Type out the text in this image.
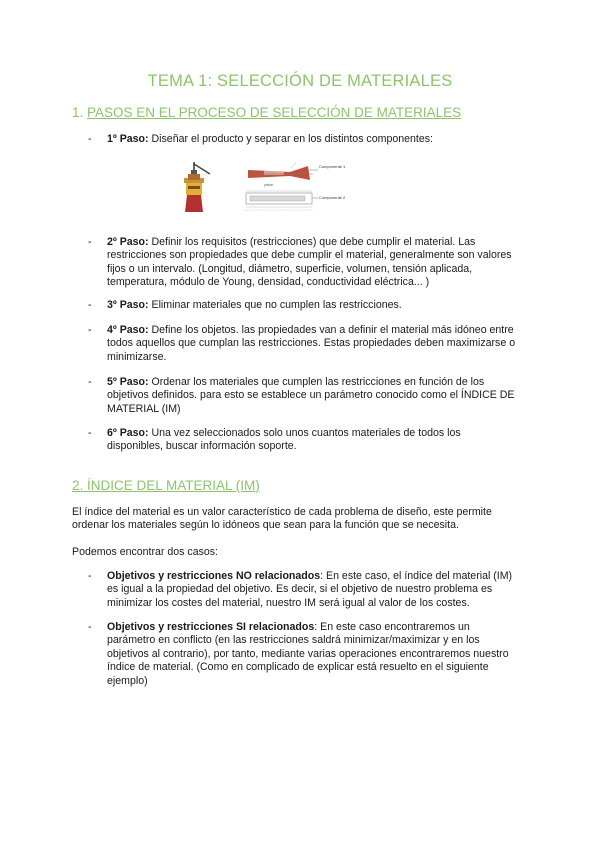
TEMA 1: SELECCIÓN DE MATERIALES
1. PASOS EN EL PROCESO DE SELECCIÓN DE MATERIALES
- 1º Paso: Diseñar el producto y separar en los distintos componentes:
piston
Componente 1
Componente 2
- 2º Paso: Definir los requisitos (restricciones) que debe cumplir el material. Las restricciones son propiedades que debe cumplir el material, generalmente son valores fijos o un intervalo. (Longitud, diámetro, superficie, volumen, tensión aplicada, temperatura, módulo de Young, densidad, conductividad eléctrica... )
- 3º Paso: Eliminar materiales que no cumplen las restricciones.
- 4º Paso: Define los objetos. las propiedades van a definir el material más idóneo entre todos aquellos que cumplan las restricciones. Estas propiedades deben maximizarse o minimizarse.
- 5º Paso: Ordenar los materiales que cumplen las restricciones en función de los objetivos definidos. para esto se establece un parámetro conocido como el ÍNDICE DE MATERIAL (IM)
- 6º Paso: Una vez seleccionados solo unos cuantos materiales de todos los disponibles, buscar información soporte.
2. ÍNDICE DEL MATERIAL (IM)
El índice del material es un valor característico de cada problema de diseño, este permite ordenar los materiales según lo idóneos que sean para la función que se necesita.
Podemos encontrar dos casos:
- Objetivos y restricciones NO relacionados: En este caso, el índice del material (IM) es igual a la propiedad del objetivo. Es decir, si el objetivo de nuestro problema es minimizar los costes del material, nuestro IM será igual al valor de los costes.
- Objetivos y restricciones SI relacionados: En este caso encontraremos un parámetro en conflicto (en las restricciones saldrá minimizar/maximizar y en los objetivos al contrario), por tanto, mediante varias operaciones encontraremos nuestro índice de material. (Como en complicado de explicar está resuelto en el siguiente ejemplo)
